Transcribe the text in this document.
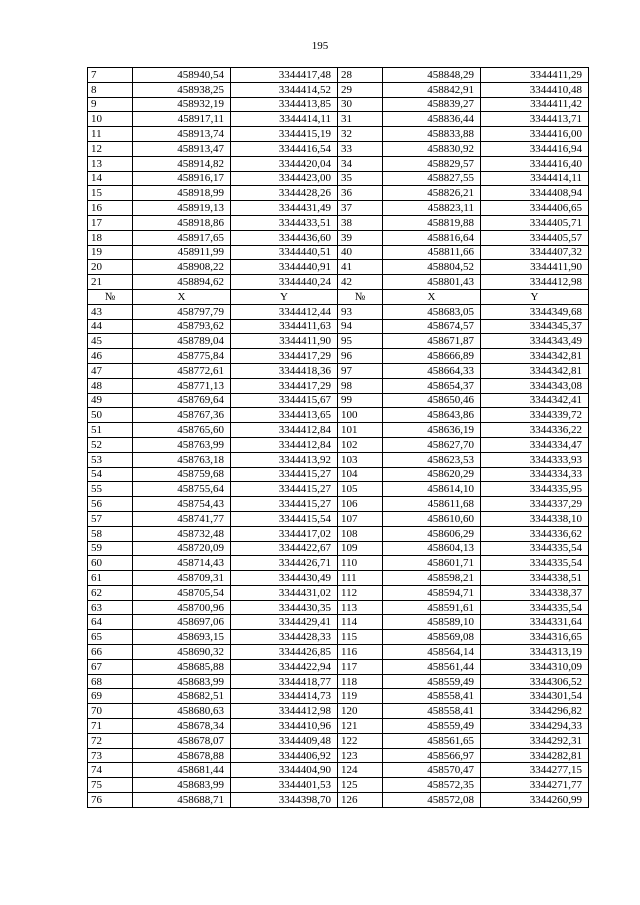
195
7	458940,54	3344417,48	28	458848,29	3344411,29
8	458938,25	3344414,52	29	458842,91	3344410,48
9	458932,19	3344413,85	30	458839,27	3344411,42
10	458917,11	3344414,11	31	458836,44	3344413,71
11	458913,74	3344415,19	32	458833,88	3344416,00
12	458913,47	3344416,54	33	458830,92	3344416,94
13	458914,82	3344420,04	34	458829,57	3344416,40
14	458916,17	3344423,00	35	458827,55	3344414,11
15	458918,99	3344428,26	36	458826,21	3344408,94
16	458919,13	3344431,49	37	458823,11	3344406,65
17	458918,86	3344433,51	38	458819,88	3344405,71
18	458917,65	3344436,60	39	458816,64	3344405,57
19	458911,99	3344440,51	40	458811,66	3344407,32
20	458908,22	3344440,91	41	458804,52	3344411,90
21	458894,62	3344440,24	42	458801,43	3344412,98
№	X	Y	№	X	Y
43	458797,79	3344412,44	93	458683,05	3344349,68
44	458793,62	3344411,63	94	458674,57	3344345,37
45	458789,04	3344411,90	95	458671,87	3344343,49
46	458775,84	3344417,29	96	458666,89	3344342,81
47	458772,61	3344418,36	97	458664,33	3344342,81
48	458771,13	3344417,29	98	458654,37	3344343,08
49	458769,64	3344415,67	99	458650,46	3344342,41
50	458767,36	3344413,65	100	458643,86	3344339,72
51	458765,60	3344412,84	101	458636,19	3344336,22
52	458763,99	3344412,84	102	458627,70	3344334,47
53	458763,18	3344413,92	103	458623,53	3344333,93
54	458759,68	3344415,27	104	458620,29	3344334,33
55	458755,64	3344415,27	105	458614,10	3344335,95
56	458754,43	3344415,27	106	458611,68	3344337,29
57	458741,77	3344415,54	107	458610,60	3344338,10
58	458732,48	3344417,02	108	458606,29	3344336,62
59	458720,09	3344422,67	109	458604,13	3344335,54
60	458714,43	3344426,71	110	458601,71	3344335,54
61	458709,31	3344430,49	111	458598,21	3344338,51
62	458705,54	3344431,02	112	458594,71	3344338,37
63	458700,96	3344430,35	113	458591,61	3344335,54
64	458697,06	3344429,41	114	458589,10	3344331,64
65	458693,15	3344428,33	115	458569,08	3344316,65
66	458690,32	3344426,85	116	458564,14	3344313,19
67	458685,88	3344422,94	117	458561,44	3344310,09
68	458683,99	3344418,77	118	458559,49	3344306,52
69	458682,51	3344414,73	119	458558,41	3344301,54
70	458680,63	3344412,98	120	458558,41	3344296,82
71	458678,34	3344410,96	121	458559,49	3344294,33
72	458678,07	3344409,48	122	458561,65	3344292,31
73	458678,88	3344406,92	123	458566,97	3344282,81
74	458681,44	3344404,90	124	458570,47	3344277,15
75	458683,99	3344401,53	125	458572,35	3344271,77
76	458688,71	3344398,70	126	458572,08	3344260,99
